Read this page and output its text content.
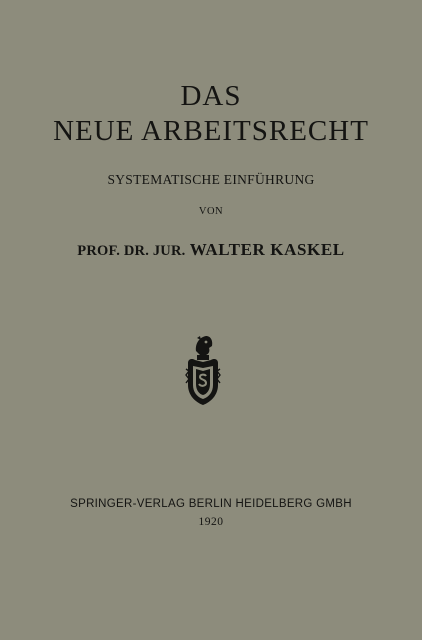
DAS
NEUE ARBEITSRECHT
SYSTEMATISCHE EINFÜHRUNG
VON
PROF. DR. JUR. WALTER KASKEL
SPRINGER-VERLAG BERLIN HEIDELBERG GMBH
1920
